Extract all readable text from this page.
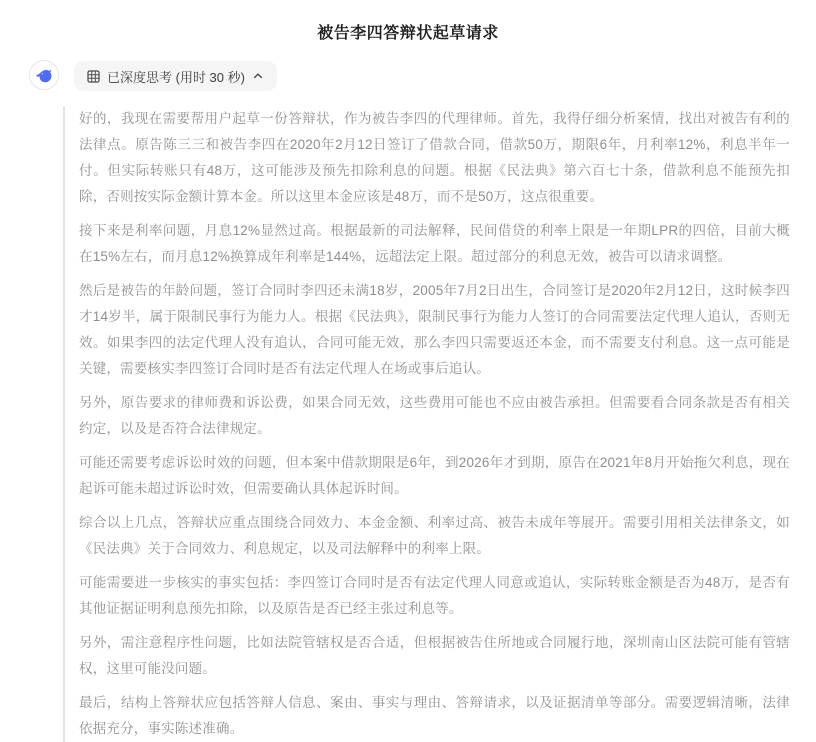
被告李四答辩状起草请求
已深度思考 (用时 30 秒)

好的，我现在需要帮用户起草一份答辩状，作为被告李四的代理律师。首先，我得仔细分析案情，找出对被告有利的法律点。原告陈三三和被告李四在2020年2月12日签订了借款合同，借款50万，期限6年，月利率12%，利息半年一付。但实际转账只有48万，这可能涉及预先扣除利息的问题。根据《民法典》第六百七十条，借款利息不能预先扣除，否则按实际金额计算本金。所以这里本金应该是48万，而不是50万，这点很重要。

接下来是利率问题，月息12%显然过高。根据最新的司法解释，民间借贷的利率上限是一年期LPR的四倍，目前大概在15%左右，而月息12%换算成年利率是144%，远超法定上限。超过部分的利息无效，被告可以请求调整。

然后是被告的年龄问题，签订合同时李四还未满18岁，2005年7月2日出生，合同签订是2020年2月12日，这时候李四才14岁半，属于限制民事行为能力人。根据《民法典》，限制民事行为能力人签订的合同需要法定代理人追认，否则无效。如果李四的法定代理人没有追认，合同可能无效，那么李四只需要返还本金，而不需要支付利息。这一点可能是关键，需要核实李四签订合同时是否有法定代理人在场或事后追认。

另外，原告要求的律师费和诉讼费，如果合同无效，这些费用可能也不应由被告承担。但需要看合同条款是否有相关约定，以及是否符合法律规定。

可能还需要考虑诉讼时效的问题，但本案中借款期限是6年，到2026年才到期，原告在2021年8月开始拖欠利息，现在起诉可能未超过诉讼时效，但需要确认具体起诉时间。

综合以上几点，答辩状应重点围绕合同效力、本金金额、利率过高、被告未成年等展开。需要引用相关法律条文，如《民法典》关于合同效力、利息规定，以及司法解释中的利率上限。

可能需要进一步核实的事实包括：李四签订合同时是否有法定代理人同意或追认，实际转账金额是否为48万，是否有其他证据证明利息预先扣除，以及原告是否已经主张过利息等。

另外，需注意程序性问题，比如法院管辖权是否合适，但根据被告住所地或合同履行地，深圳南山区法院可能有管辖权，这里可能没问题。

最后，结构上答辩状应包括答辩人信息、案由、事实与理由、答辩请求，以及证据清单等部分。需要逻辑清晰，法律依据充分，事实陈述准确。
